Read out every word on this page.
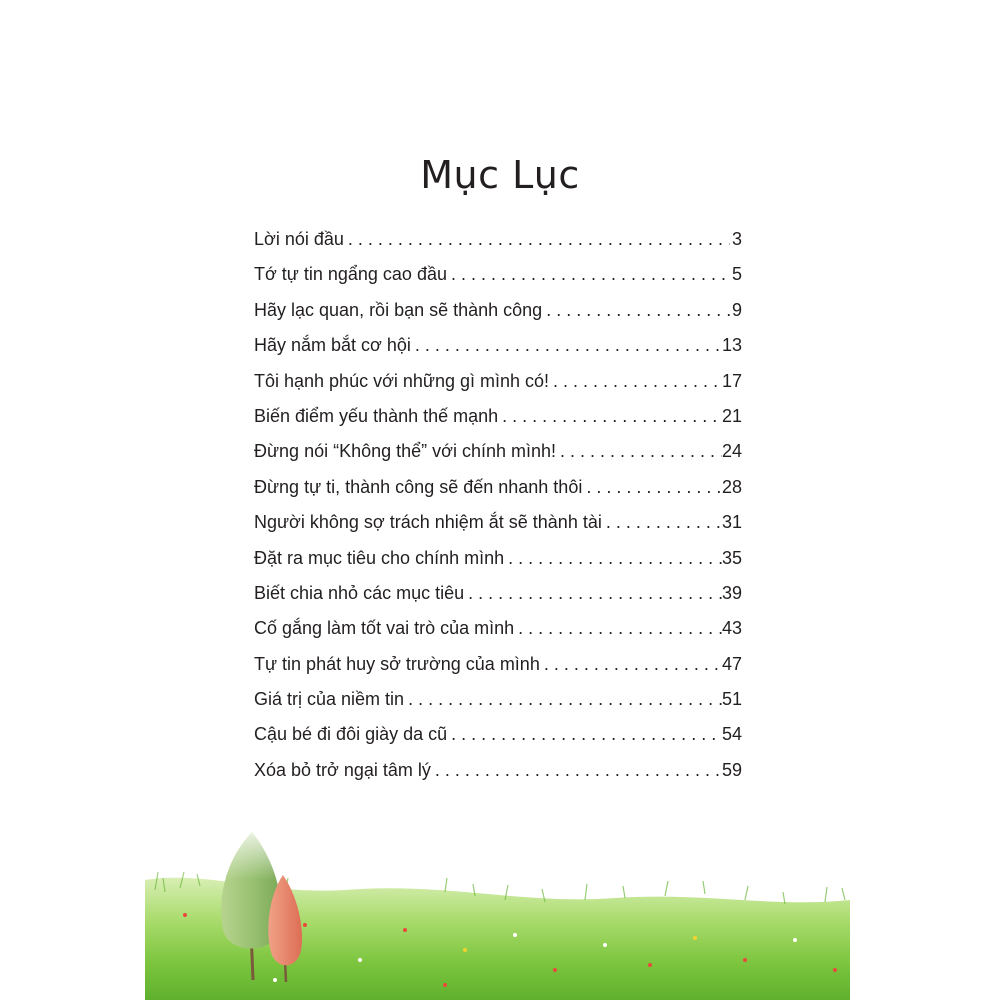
Mục Lục
Lời nói đầu . . .	3
Tớ tự tin ngẩng cao đầu . . .	5
Hãy lạc quan, rồi bạn sẽ thành công . . .	9
Hãy nắm bắt cơ hội . . .	13
Tôi hạnh phúc với những gì mình có! . . .	17
Biến điểm yếu thành thế mạnh . . .	21
Đừng nói “Không thể” với chính mình! . . .	24
Đừng tự ti, thành công sẽ đến nhanh thôi . . .	28
Người không sợ trách nhiệm ắt sẽ thành tài . . .	31
Đặt ra mục tiêu cho chính mình . . .	35
Biết chia nhỏ các mục tiêu . . .	39
Cố gắng làm tốt vai trò của mình . . .	43
Tự tin phát huy sở trường của mình . . .	47
Giá trị của niềm tin . . .	51
Cậu bé đi đôi giày da cũ . . .	54
Xóa bỏ trở ngại tâm lý . . .	59
